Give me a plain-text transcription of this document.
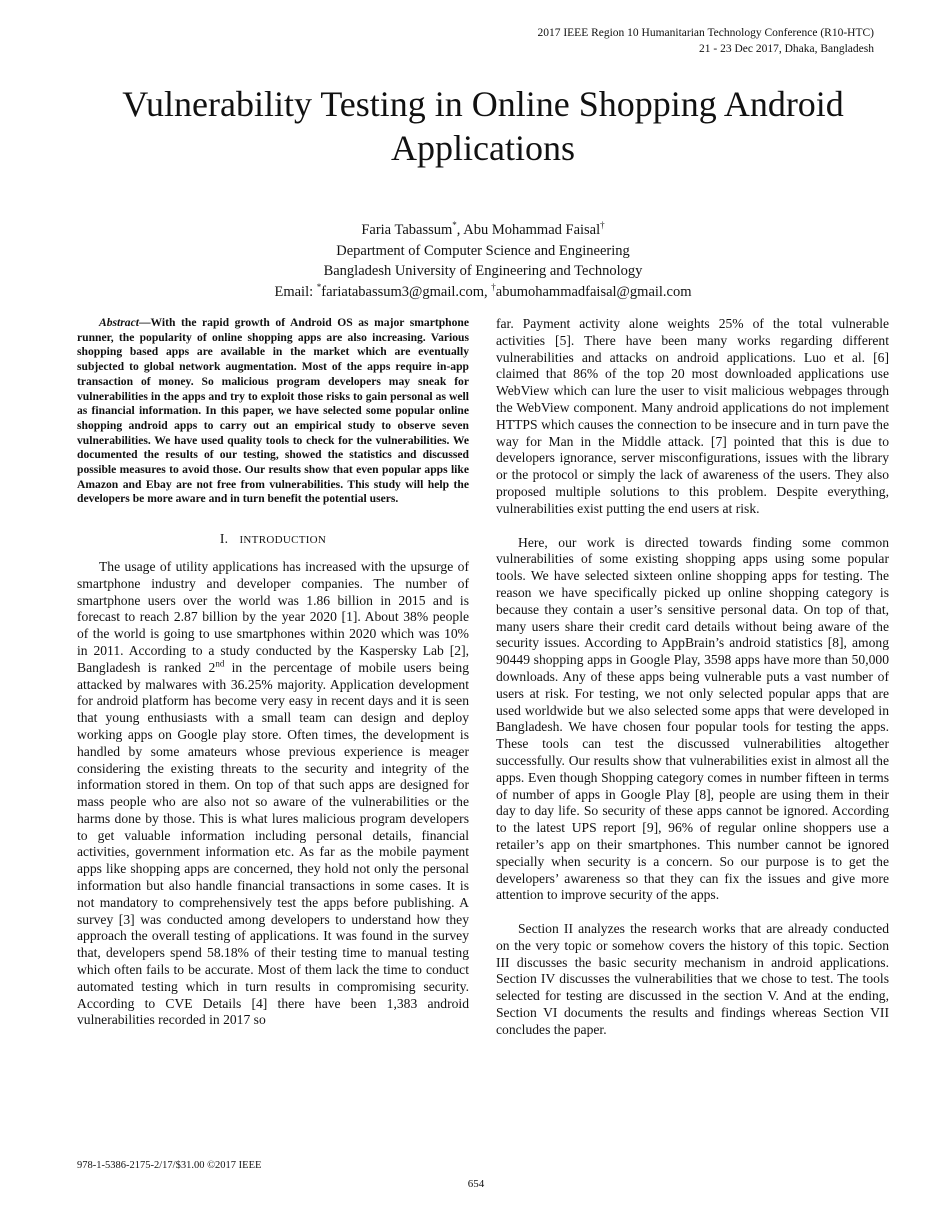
2017 IEEE Region 10 Humanitarian Technology Conference (R10-HTC)
21 - 23 Dec 2017, Dhaka, Bangladesh
Vulnerability Testing in Online Shopping Android Applications
Faria Tabassum*, Abu Mohammad Faisal†
Department of Computer Science and Engineering
Bangladesh University of Engineering and Technology
Email: *fariatabassum3@gmail.com, †abumohammadfaisal@gmail.com

Abstract—With the rapid growth of Android OS as major smartphone runner, the popularity of online shopping apps are also increasing. Various shopping based apps are available in the market which are eventually subjected to global network augmentation. Most of the apps require in-app transaction of money. So malicious program developers may sneak for vulnerabilities in the apps and try to exploit those risks to gain personal as well as financial information. In this paper, we have selected some popular online shopping android apps to carry out an empirical study to observe seven vulnerabilities. We have used quality tools to check for the vulnerabilities. We documented the results of our testing, showed the statistics and discussed possible measures to avoid those. Our results show that even popular apps like Amazon and Ebay are not free from vulnerabilities. This study will help the developers be more aware and in turn benefit the potential users.

I. INTRODUCTION

The usage of utility applications has increased with the upsurge of smartphone industry and developer companies. The number of smartphone users over the world was 1.86 billion in 2015 and is forecast to reach 2.87 billion by the year 2020 [1]. About 38% people of the world is going to use smartphones within 2020 which was 10% in 2011. According to a study conducted by the Kaspersky Lab [2], Bangladesh is ranked 2nd in the percentage of mobile users being attacked by malwares with 36.25% majority. Application development for android platform has become very easy in recent days and it is seen that young enthusiasts with a small team can design and deploy working apps on Google play store. Often times, the development is handled by some amateurs whose previous experience is meager considering the existing threats to the security and integrity of the information stored in them. On top of that such apps are designed for mass people who are also not so aware of the vulnerabilities or the harms done by those. This is what lures malicious program developers to get valuable information including personal details, financial activities, government information etc. As far as the mobile payment apps like shopping apps are concerned, they hold not only the personal information but also handle financial transactions in some cases. It is not mandatory to comprehensively test the apps before publishing. A survey [3] was conducted among developers to understand how they approach the overall testing of applications. It was found in the survey that, developers spend 58.18% of their testing time to manual testing which often fails to be accurate. Most of them lack the time to conduct automated testing which in turn results in compromising security. According to CVE Details [4] there have been 1,383 android vulnerabilities recorded in 2017 so

far. Payment activity alone weights 25% of the total vulnerable activities [5]. There have been many works regarding different vulnerabilities and attacks on android applications. Luo et al. [6] claimed that 86% of the top 20 most downloaded applications use WebView which can lure the user to visit malicious webpages through the WebView component. Many android applications do not implement HTTPS which causes the connection to be insecure and in turn pave the way for Man in the Middle attack. [7] pointed that this is due to developers ignorance, server misconfigurations, issues with the library or the protocol or simply the lack of awareness of the users. They also proposed multiple solutions to this problem. Despite everything, vulnerabilities exist putting the end users at risk.

Here, our work is directed towards finding some common vulnerabilities of some existing shopping apps using some popular tools. We have selected sixteen online shopping apps for testing. The reason we have specifically picked up online shopping category is because they contain a user’s sensitive personal data. On top of that, many users share their credit card details without being aware of the security issues. According to AppBrain’s android statistics [8], among 90449 shopping apps in Google Play, 3598 apps have more than 50,000 downloads. Any of these apps being vulnerable puts a vast number of users at risk. For testing, we not only selected popular apps that are used worldwide but we also selected some apps that were developed in Bangladesh. We have chosen four popular tools for testing the apps. These tools can test the discussed vulnerabilities altogether successfully. Our results show that vulnerabilities exist in almost all the apps. Even though Shopping category comes in number fifteen in terms of number of apps in Google Play [8], people are using them in their day to day life. So security of these apps cannot be ignored. According to the latest UPS report [9], 96% of regular online shoppers use a retailer’s app on their smartphones. This number cannot be ignored specially when security is a concern. So our purpose is to get the developers’ awareness so that they can fix the issues and give more attention to improve security of the apps.

Section II analyzes the research works that are already conducted on the very topic or somehow covers the history of this topic. Section III discusses the basic security mechanism in android applications. Section IV discusses the vulnerabilities that we chose to test. The tools selected for testing are discussed in the section V. And at the ending, Section VI documents the results and findings whereas Section VII concludes the paper.

978-1-5386-2175-2/17/$31.00 ©2017 IEEE
654
